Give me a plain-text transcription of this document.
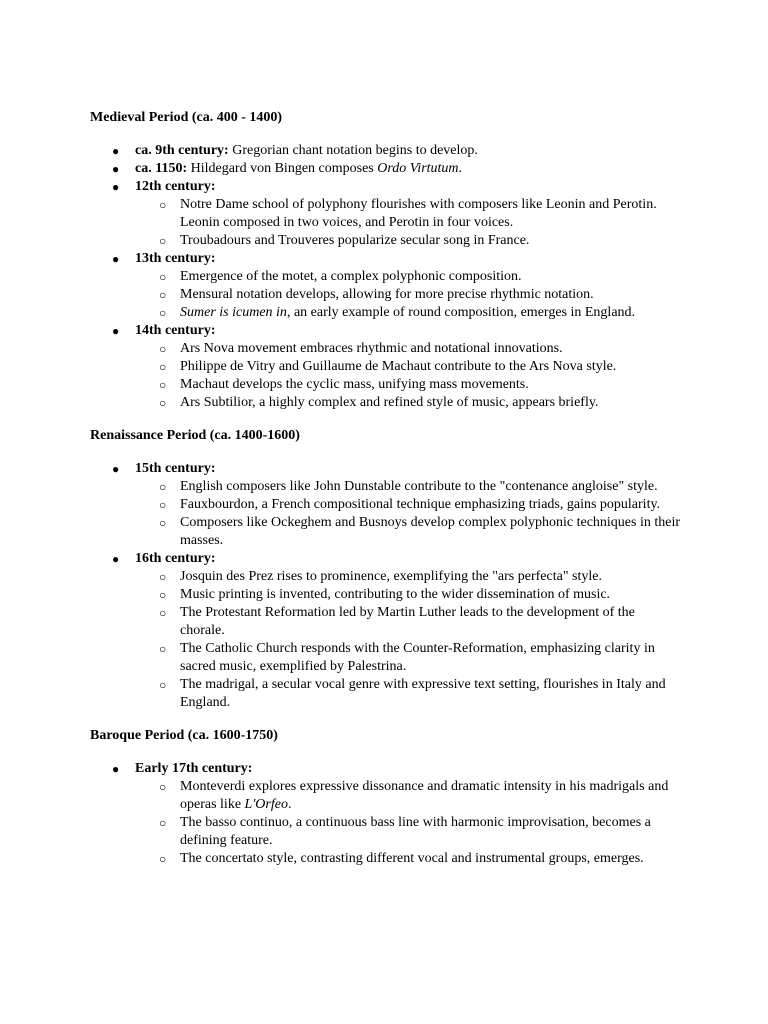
Medieval Period (ca. 400 - 1400)
● ca. 9th century: Gregorian chant notation begins to develop.
● ca. 1150: Hildegard von Bingen composes Ordo Virtutum.
● 12th century:
○ Notre Dame school of polyphony flourishes with composers like Leonin and Perotin. Leonin composed in two voices, and Perotin in four voices.
○ Troubadours and Trouveres popularize secular song in France.
● 13th century:
○ Emergence of the motet, a complex polyphonic composition.
○ Mensural notation develops, allowing for more precise rhythmic notation.
○ Sumer is icumen in, an early example of round composition, emerges in England.
● 14th century:
○ Ars Nova movement embraces rhythmic and notational innovations.
○ Philippe de Vitry and Guillaume de Machaut contribute to the Ars Nova style.
○ Machaut develops the cyclic mass, unifying mass movements.
○ Ars Subtilior, a highly complex and refined style of music, appears briefly.
Renaissance Period (ca. 1400-1600)
● 15th century:
○ English composers like John Dunstable contribute to the "contenance angloise" style.
○ Fauxbourdon, a French compositional technique emphasizing triads, gains popularity.
○ Composers like Ockeghem and Busnoys develop complex polyphonic techniques in their masses.
● 16th century:
○ Josquin des Prez rises to prominence, exemplifying the "ars perfecta" style.
○ Music printing is invented, contributing to the wider dissemination of music.
○ The Protestant Reformation led by Martin Luther leads to the development of the chorale.
○ The Catholic Church responds with the Counter-Reformation, emphasizing clarity in sacred music, exemplified by Palestrina.
○ The madrigal, a secular vocal genre with expressive text setting, flourishes in Italy and England.
Baroque Period (ca. 1600-1750)
● Early 17th century:
○ Monteverdi explores expressive dissonance and dramatic intensity in his madrigals and operas like L'Orfeo.
○ The basso continuo, a continuous bass line with harmonic improvisation, becomes a defining feature.
○ The concertato style, contrasting different vocal and instrumental groups, emerges.
